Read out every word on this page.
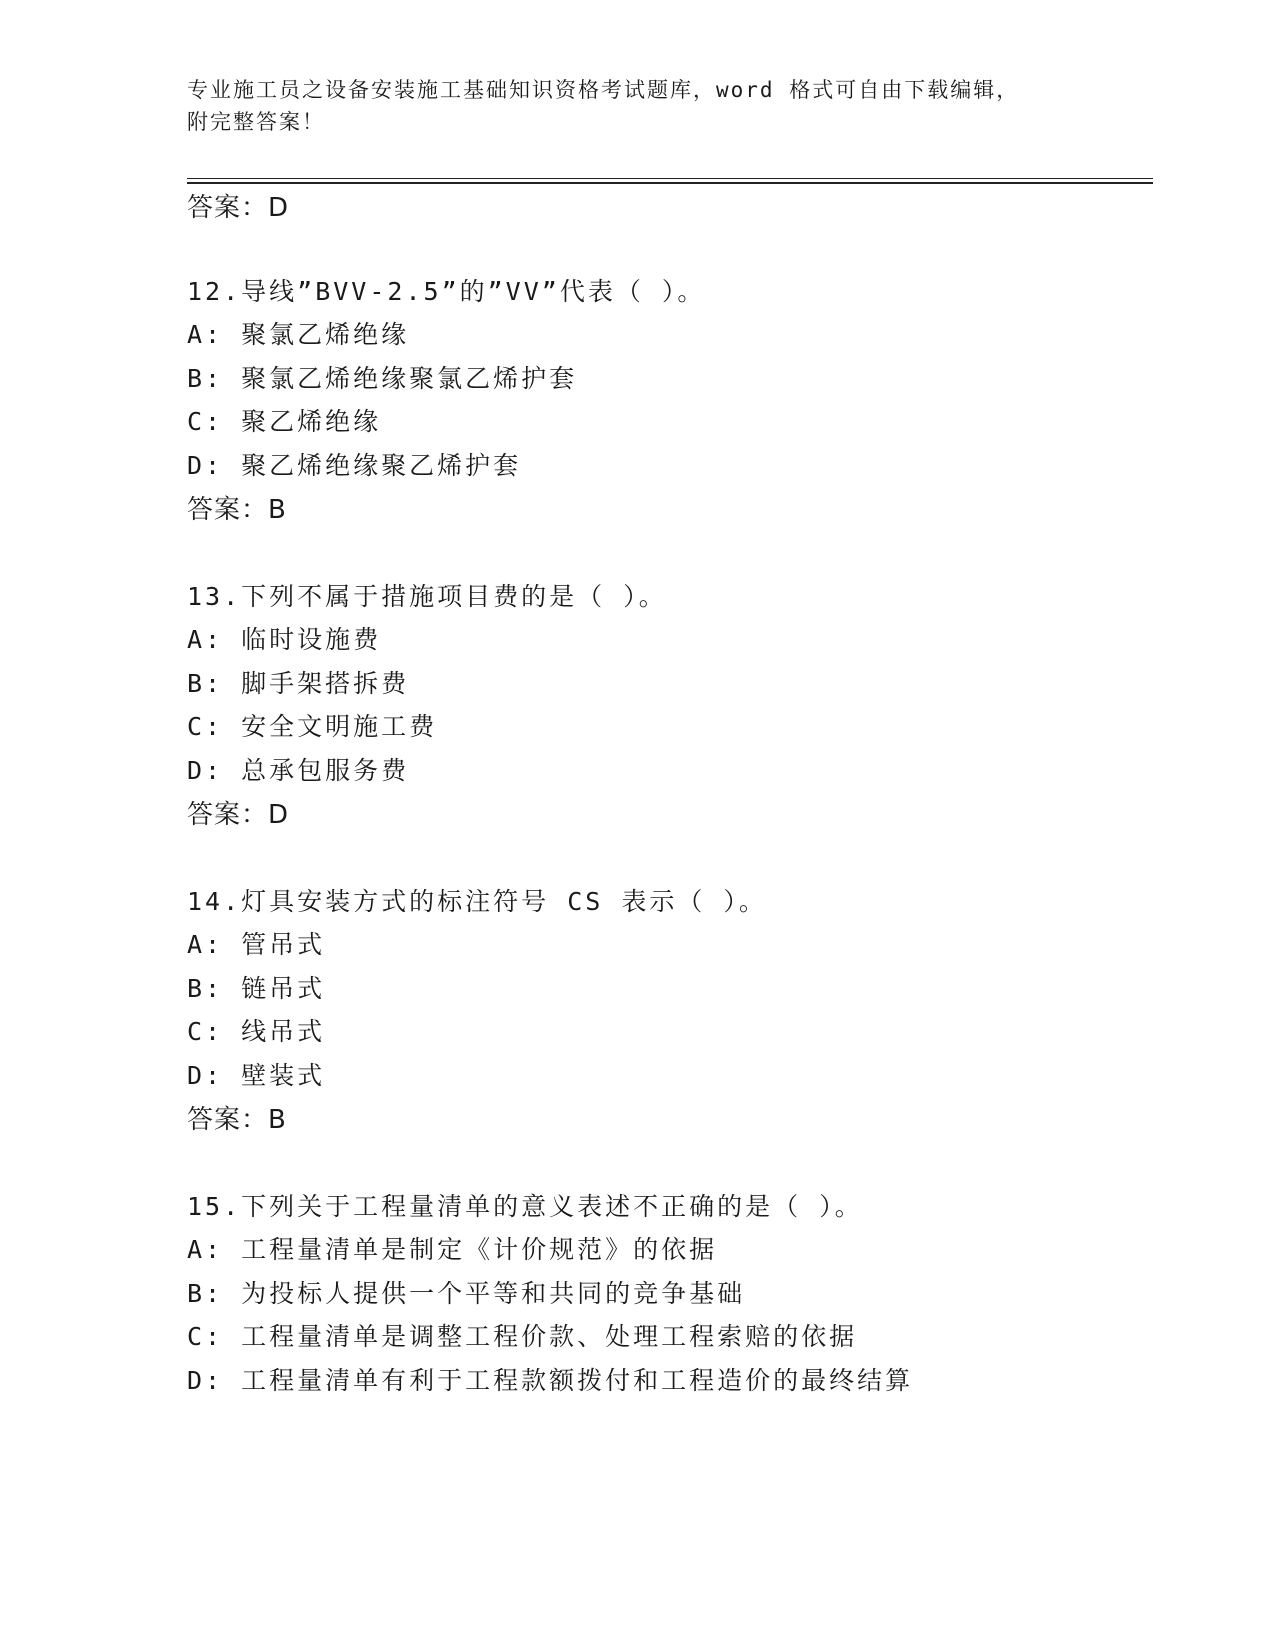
专业施工员之设备安装施工基础知识资格考试题库，word 格式可自由下载编辑，
附完整答案！
答案：D
12.导线”BVV-2.5”的”VV”代表（ ）。
A: 聚氯乙烯绝缘
B: 聚氯乙烯绝缘聚氯乙烯护套
C: 聚乙烯绝缘
D: 聚乙烯绝缘聚乙烯护套
答案：B
13.下列不属于措施项目费的是（ ）。
A: 临时设施费
B: 脚手架搭拆费
C: 安全文明施工费
D: 总承包服务费
答案：D
14.灯具安装方式的标注符号 CS 表示（ ）。
A: 管吊式
B: 链吊式
C: 线吊式
D: 壁装式
答案：B
15.下列关于工程量清单的意义表述不正确的是（ ）。
A: 工程量清单是制定《计价规范》的依据
B: 为投标人提供一个平等和共同的竞争基础
C: 工程量清单是调整工程价款、处理工程索赔的依据
D: 工程量清单有利于工程款额拨付和工程造价的最终结算
